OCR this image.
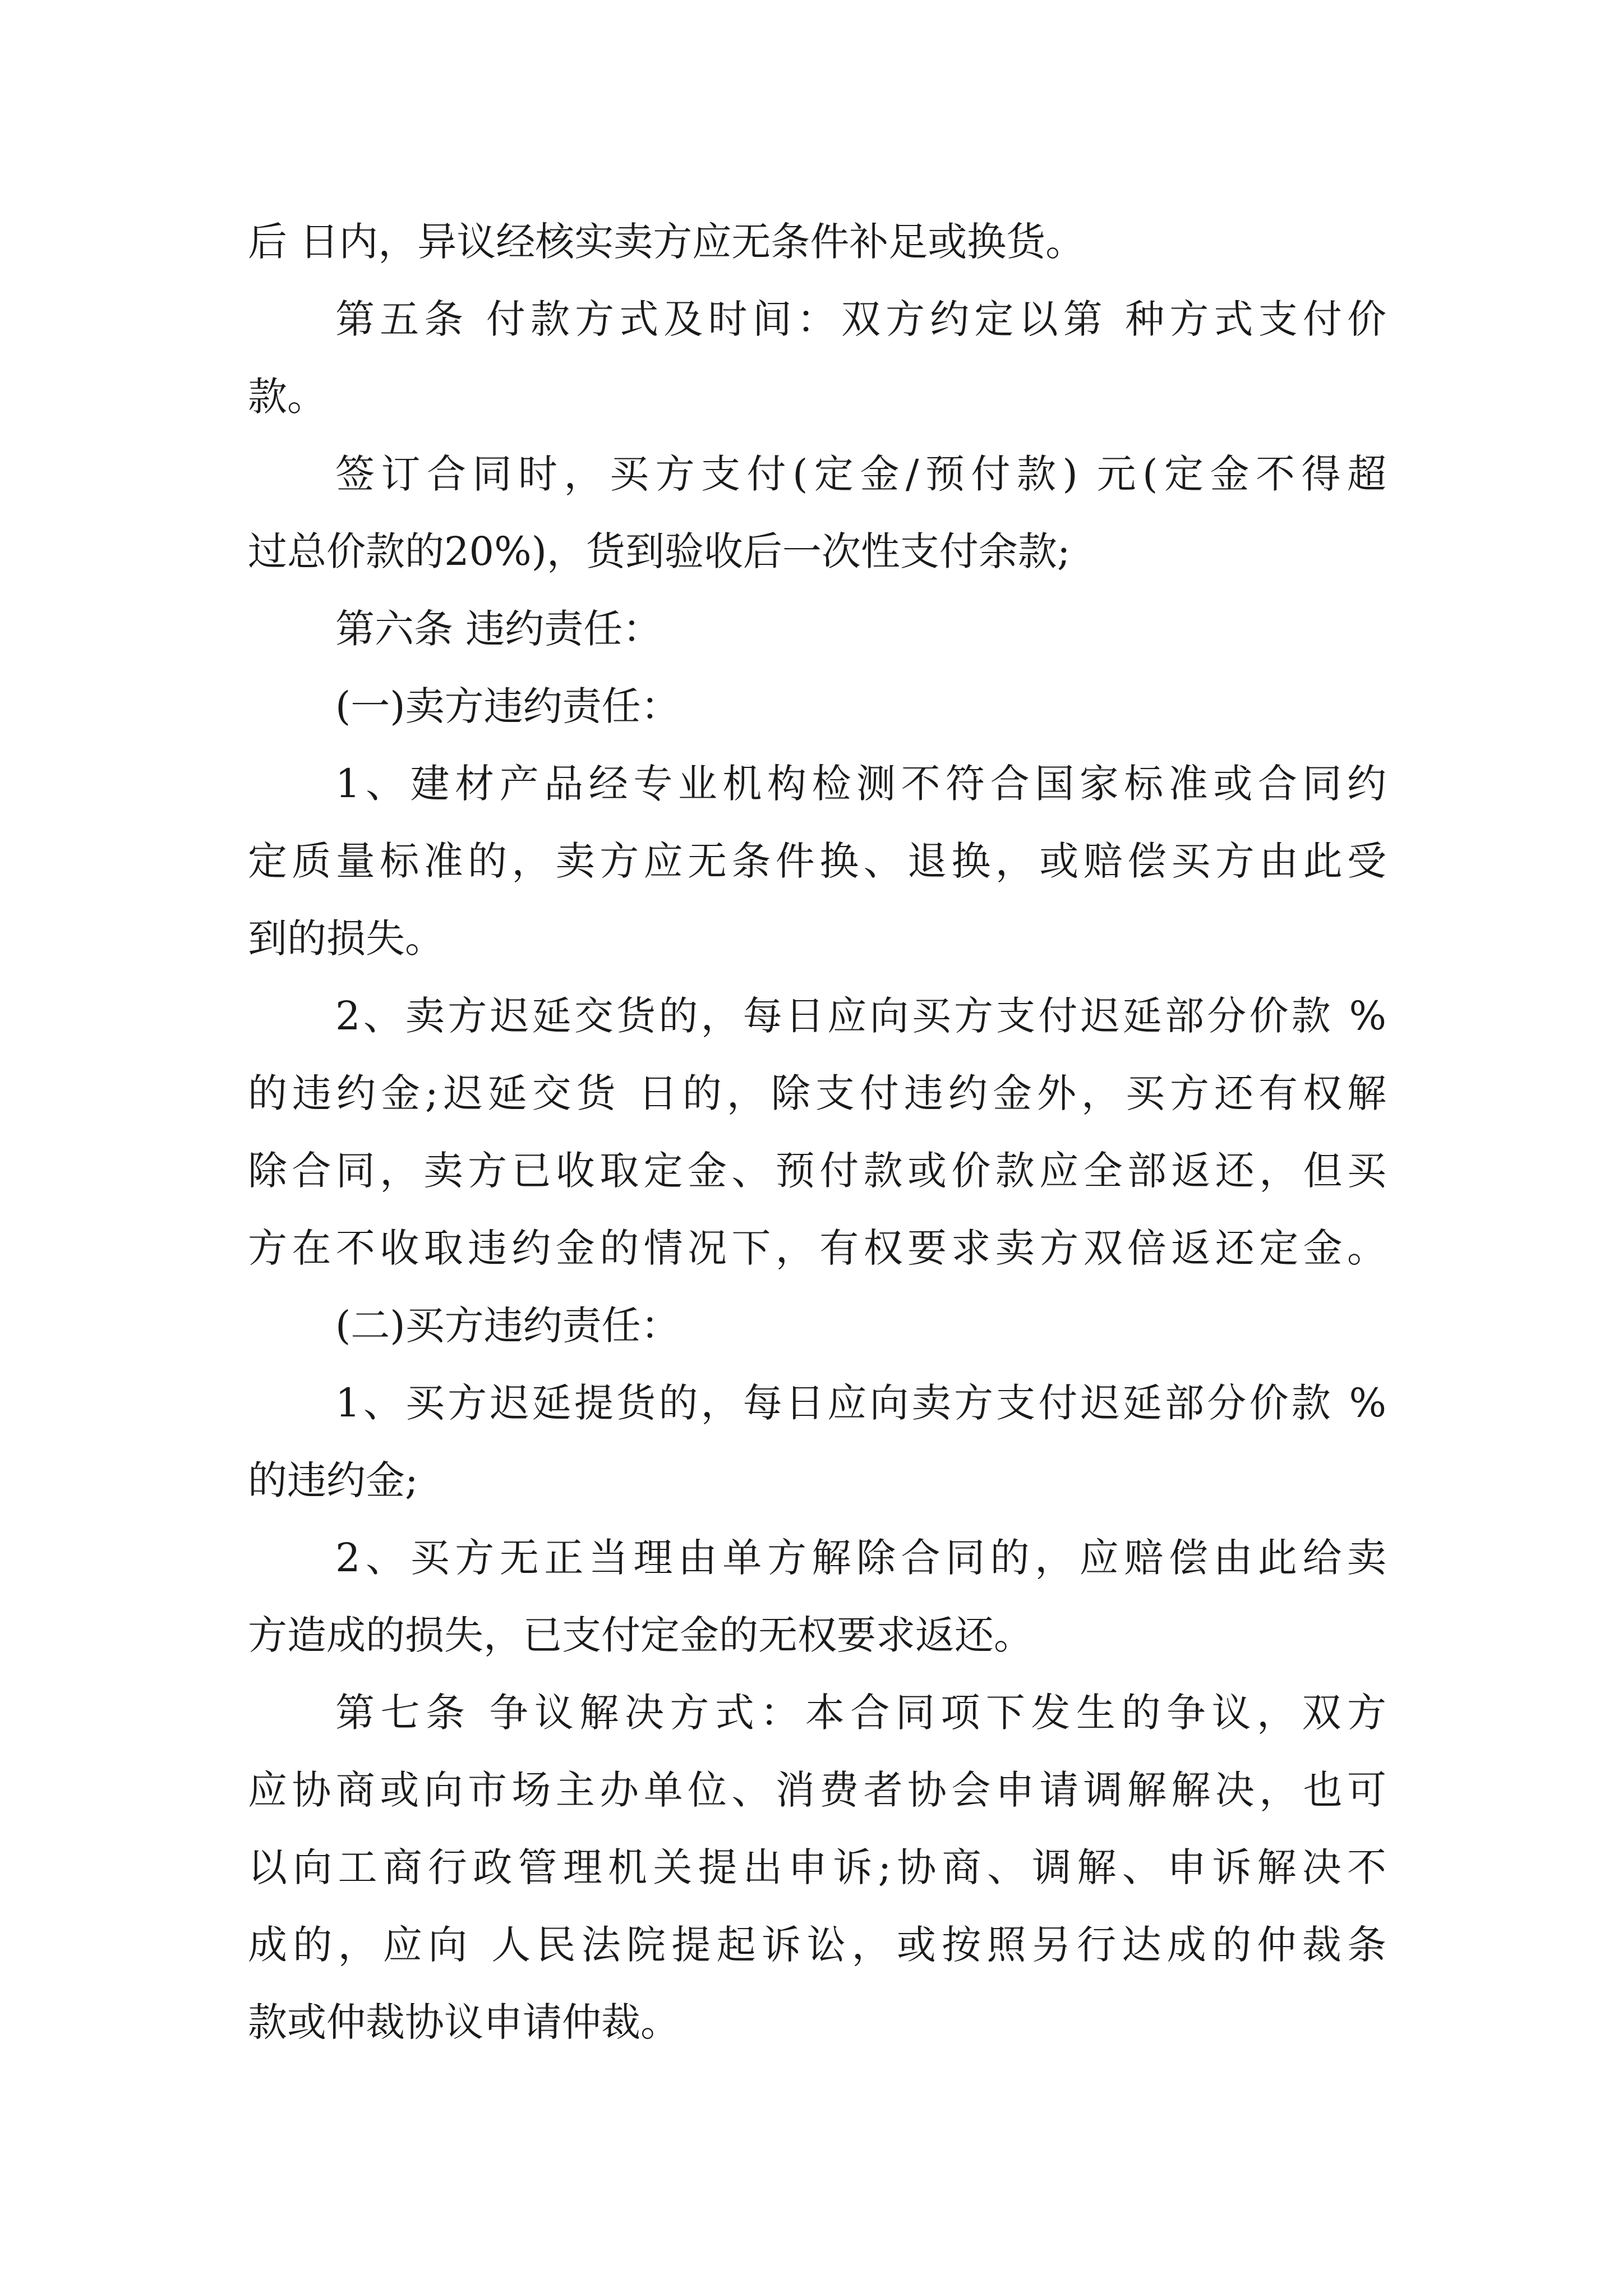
后 日内，异议经核实卖方应无条件补足或换货。
第五条 付款方式及时间：双方约定以第 种方式支付价
款。
签订合同时，买方支付(定金/预付款) 元(定金不得超
过总价款的20%)，货到验收后一次性支付余款;
第六条 违约责任：
(一)卖方违约责任：
1、建材产品经专业机构检测不符合国家标准或合同约
定质量标准的，卖方应无条件换、退换，或赔偿买方由此受
到的损失。
2、卖方迟延交货的，每日应向买方支付迟延部分价款 %
的违约金;迟延交货 日的，除支付违约金外，买方还有权解
除合同，卖方已收取定金、预付款或价款应全部返还，但买
方在不收取违约金的情况下，有权要求卖方双倍返还定金。
(二)买方违约责任：
1、买方迟延提货的，每日应向卖方支付迟延部分价款 %
的违约金;
2、买方无正当理由单方解除合同的，应赔偿由此给卖
方造成的损失，已支付定金的无权要求返还。
第七条 争议解决方式：本合同项下发生的争议，双方
应协商或向市场主办单位、消费者协会申请调解解决，也可
以向工商行政管理机关提出申诉;协商、调解、申诉解决不
成的，应向 人民法院提起诉讼，或按照另行达成的仲裁条
款或仲裁协议申请仲裁。
